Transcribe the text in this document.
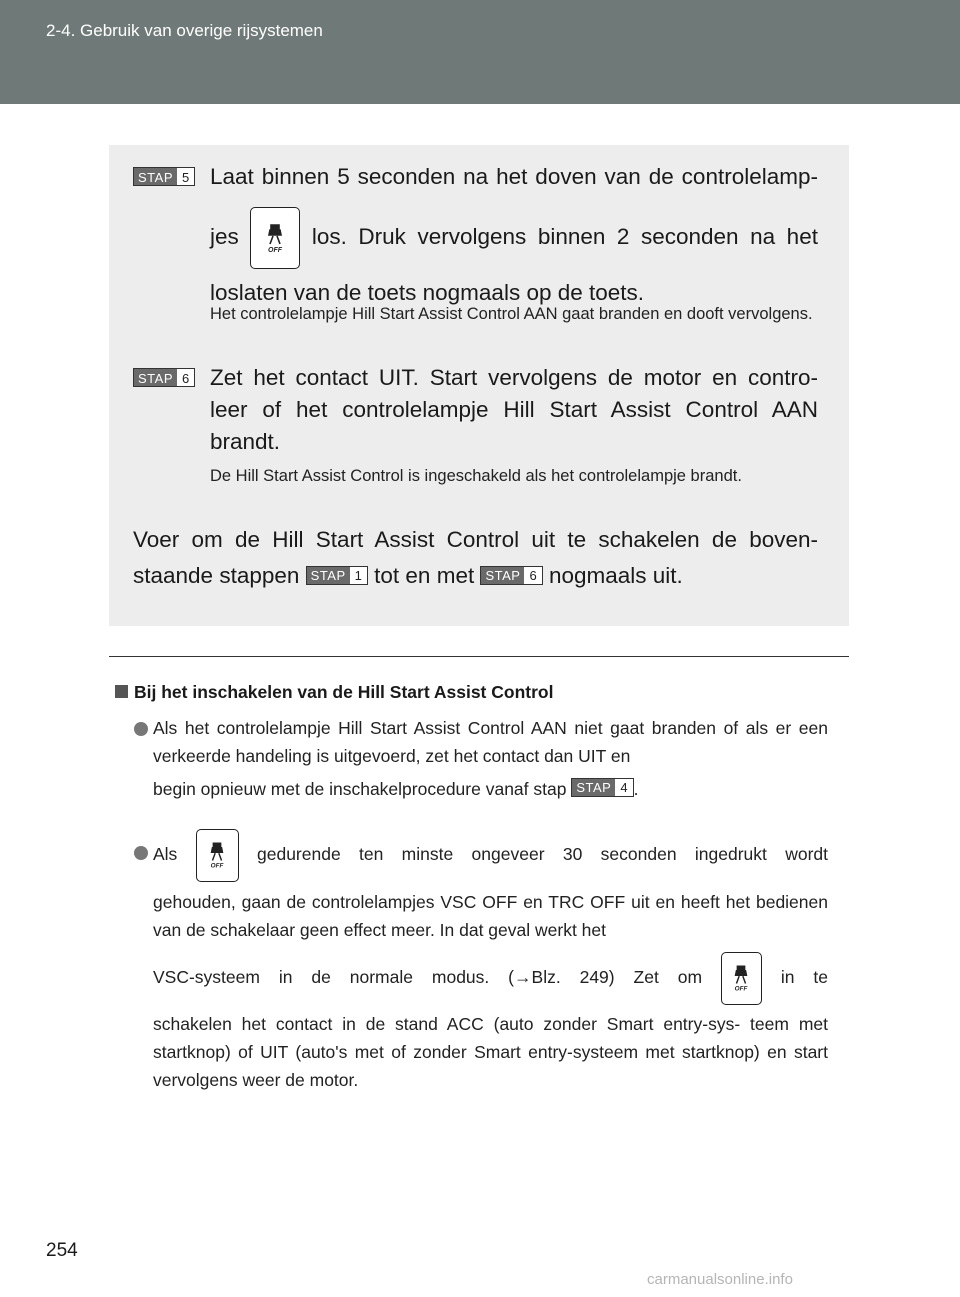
2-4. Gebruik van overige rijsystemen
STAP 5 Laat binnen 5 seconden na het doven van de controlelamp-
jes
OFF
los. Druk vervolgens binnen 2 seconden na het
loslaten van de toets nogmaals op de toets.
Het controlelampje Hill Start Assist Control AAN gaat branden en dooft vervolgens.
STAP 6 Zet het contact UIT. Start vervolgens de motor en contro- leer of het controlelampje Hill Start Assist Control AAN brandt.
De Hill Start Assist Control is ingeschakeld als het controlelampje brandt.
Voer om de Hill Start Assist Control uit te schakelen de boven-
staande stappen STAP 1 tot en met STAP 6 nogmaals uit.
Bij het inschakelen van de Hill Start Assist Control
Als het controlelampje Hill Start Assist Control AAN niet gaat branden of als er een verkeerde handeling is uitgevoerd, zet het contact dan UIT en
begin opnieuw met de inschakelprocedure vanaf stap STAP 4 .
Als
OFF
gedurende ten minste ongeveer 30 seconden ingedrukt wordt
gehouden, gaan de controlelampjes VSC OFF en TRC OFF uit en heeft het bedienen van de schakelaar geen effect meer. In dat geval werkt het
VSC-systeem in de normale modus. (→Blz. 249) Zet om
OFF
in te
schakelen het contact in de stand ACC (auto zonder Smart entry-sys- teem met startknop) of UIT (auto's met of zonder Smart entry-systeem met startknop) en start vervolgens weer de motor.
254
carmanualsonline.info
